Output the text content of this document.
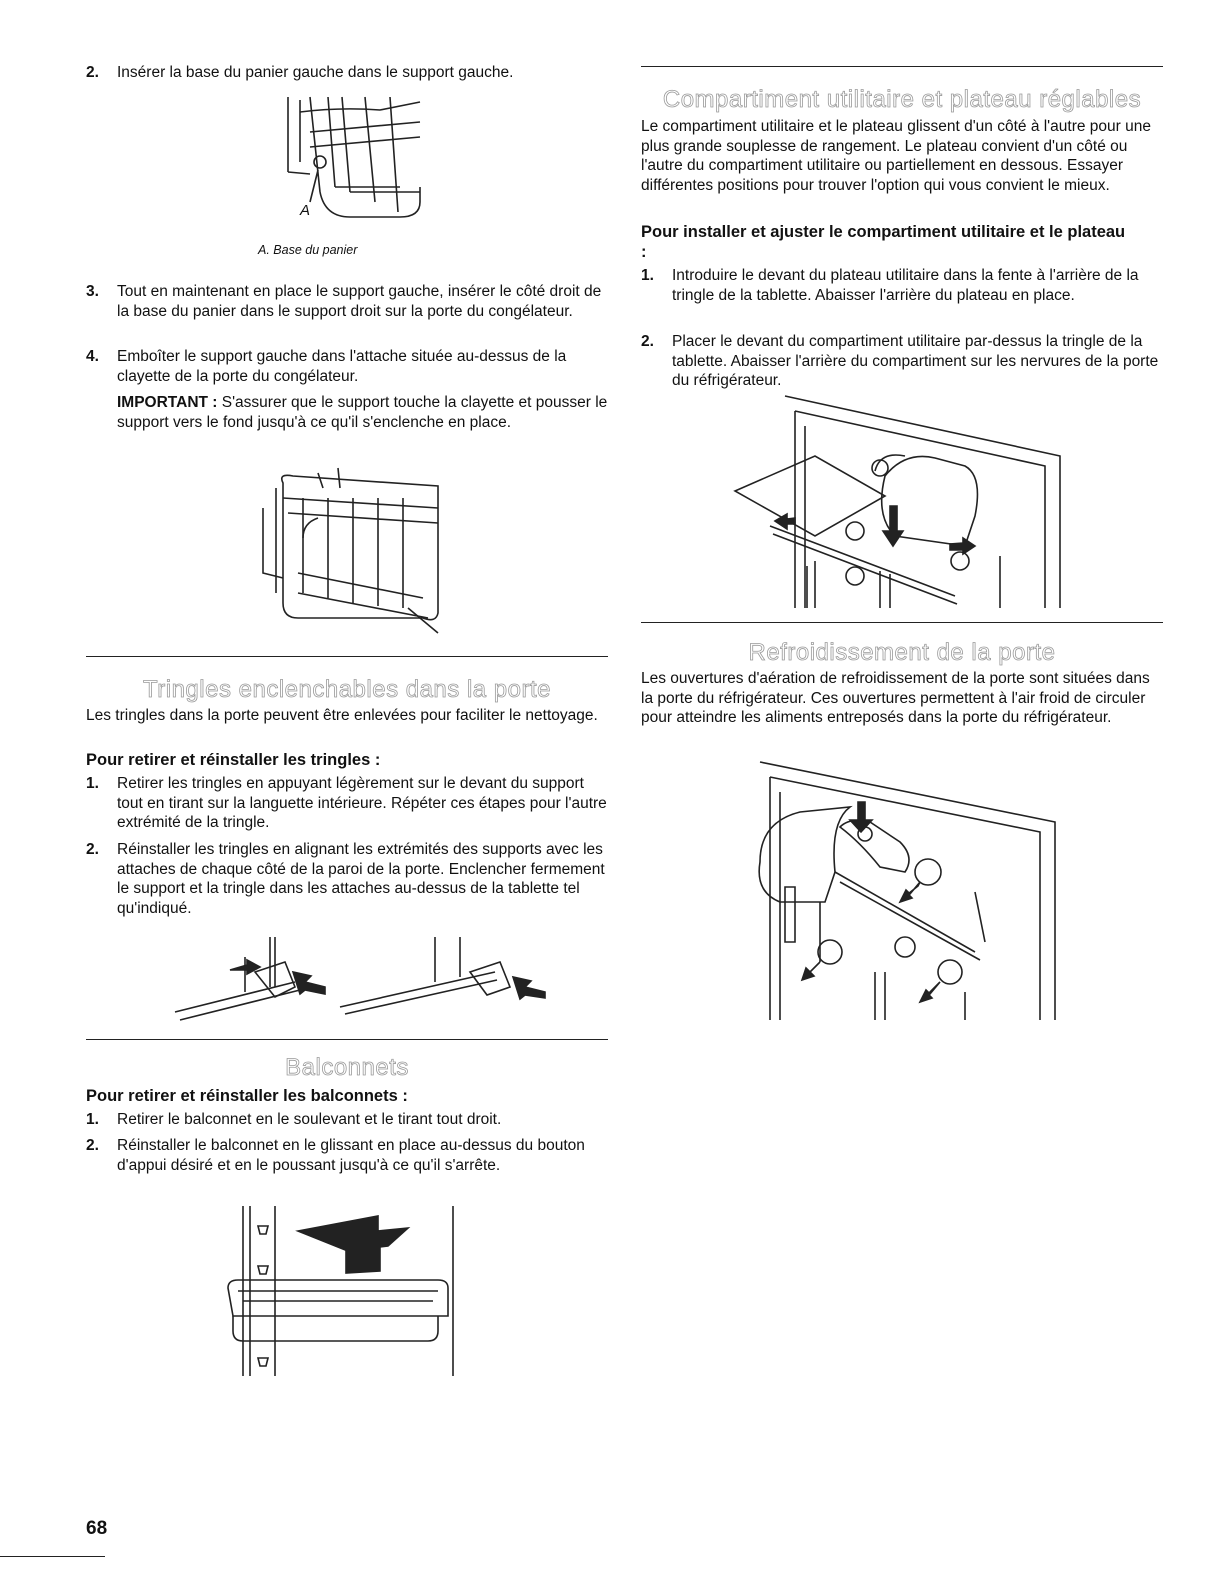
2. Insérer la base du panier gauche dans le support gauche.
A
A. Base du panier
3. Tout en maintenant en place le support gauche, insérer le côté droit de la base du panier dans le support droit sur la porte du congélateur.
4. Emboîter le support gauche dans l'attache située au-dessus de la clayette de la porte du congélateur.
IMPORTANT : S'assurer que le support touche la clayette et pousser le support vers le fond jusqu'à ce qu'il s'enclenche en place.
Tringles enclenchables dans la porte
Les tringles dans la porte peuvent être enlevées pour faciliter le nettoyage.
Pour retirer et réinstaller les tringles :
1. Retirer les tringles en appuyant légèrement sur le devant du support tout en tirant sur la languette intérieure. Répéter ces étapes pour l'autre extrémité de la tringle.
2. Réinstaller les tringles en alignant les extrémités des supports avec les attaches de chaque côté de la paroi de la porte. Enclencher fermement le support et la tringle dans les attaches au-dessus de la tablette tel qu'indiqué.
Balconnets
Pour retirer et réinstaller les balconnets :
1. Retirer le balconnet en le soulevant et le tirant tout droit.
2. Réinstaller le balconnet en le glissant en place au-dessus du bouton d'appui désiré et en le poussant jusqu'à ce qu'il s'arrête.
68
Compartiment utilitaire et plateau réglables
Le compartiment utilitaire et le plateau glissent d'un côté à l'autre pour une plus grande souplesse de rangement. Le plateau convient d'un côté ou l'autre du compartiment utilitaire ou partiellement en dessous. Essayer différentes positions pour trouver l'option qui vous convient le mieux.
Pour installer et ajuster le compartiment utilitaire et le plateau :
1. Introduire le devant du plateau utilitaire dans la fente à l'arrière de la tringle de la tablette. Abaisser l'arrière du plateau en place.
2. Placer le devant du compartiment utilitaire par-dessus la tringle de la tablette. Abaisser l'arrière du compartiment sur les nervures de la porte du réfrigérateur.
Refroidissement de la porte
Les ouvertures d'aération de refroidissement de la porte sont situées dans la porte du réfrigérateur. Ces ouvertures permettent à l'air froid de circuler pour atteindre les aliments entreposés dans la porte du réfrigérateur.
